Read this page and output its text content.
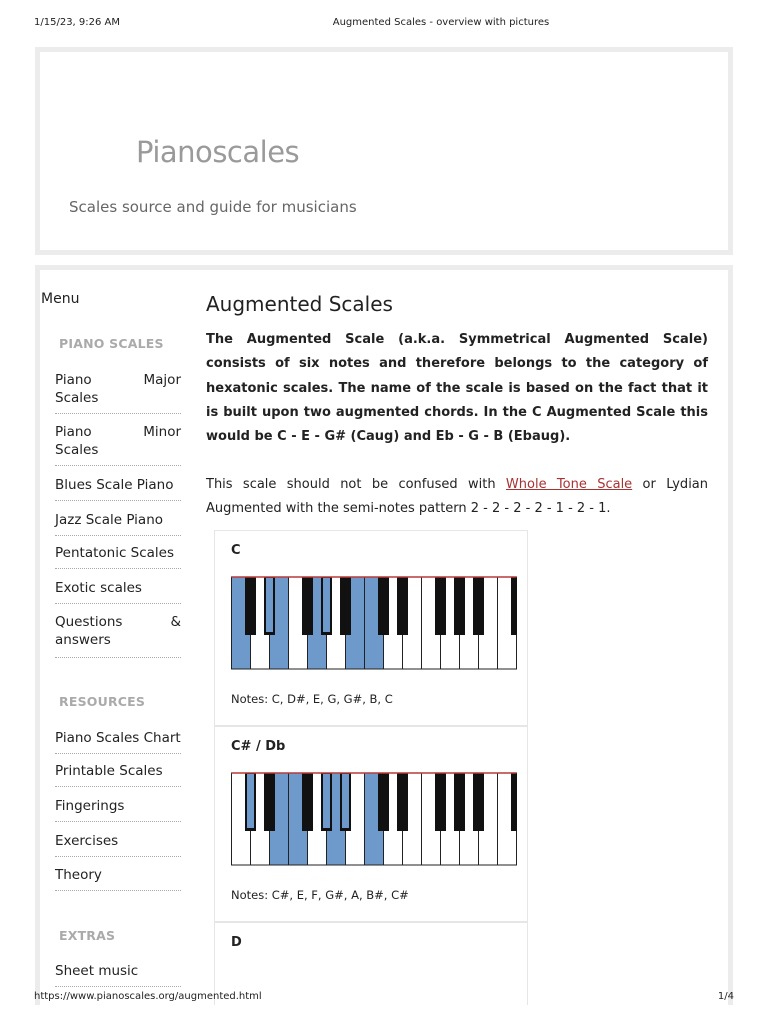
1/15/23, 9:26 AM	Augmented Scales - overview with pictures
Pianoscales
Scales source and guide for musicians
Menu
PIANO SCALES
Piano	Major
Scales
Piano	Minor
Scales
Blues Scale Piano
Jazz Scale Piano
Pentatonic Scales
Exotic scales
Questions	&
answers
RESOURCES
Piano Scales Chart
Printable Scales
Fingerings
Exercises
Theory
EXTRAS
Sheet music
Augmented Scales
The Augmented Scale (a.k.a. Symmetrical Augmented Scale) consists of six notes and therefore belongs to the category of hexatonic scales. The name of the scale is based on the fact that it is built upon two augmented chords. In the C Augmented Scale this would be C - E - G# (Caug) and Eb - G - B (Ebaug).
This scale should not be confused with Whole Tone Scale or Lydian Augmented with the semi-notes pattern 2 - 2 - 2 - 2 - 1 - 2 - 1.
C
Notes: C, D#, E, G, G#, B, C
C# / Db
Notes: C#, E, F, G#, A, B#, C#
D
https://www.pianoscales.org/augmented.html	1/4
